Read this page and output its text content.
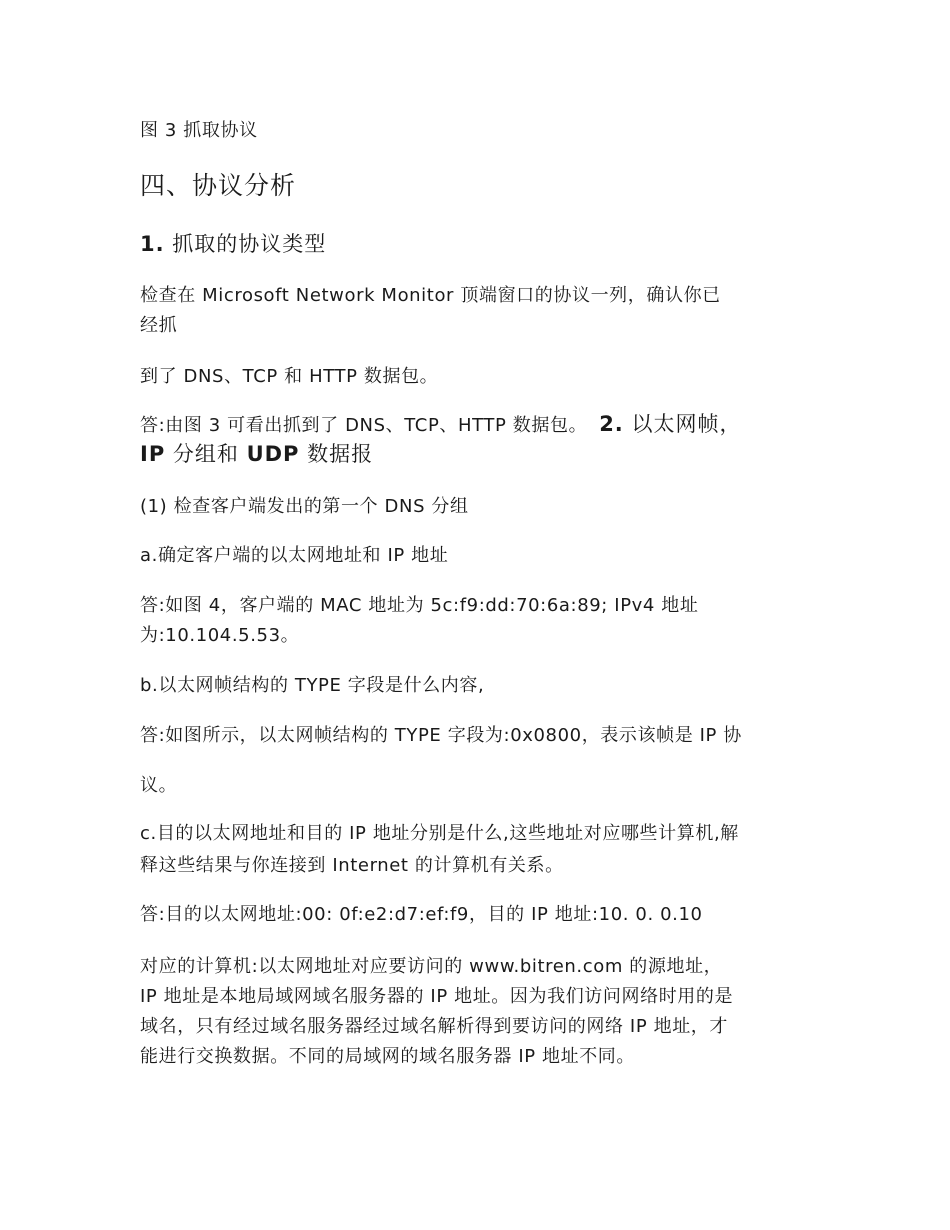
图 3 抓取协议
四、协议分析
1. 抓取的协议类型
检查在 Microsoft Network Monitor 顶端窗口的协议一列，确认你已
经抓
到了 DNS、TCP 和 HTTP 数据包。
答:由图 3 可看出抓到了 DNS、TCP、HTTP 数据包。 2. 以太网帧，
IP 分组和 UDP 数据报
(1) 检查客户端发出的第一个 DNS 分组
a.确定客户端的以太网地址和 IP 地址
答:如图 4，客户端的 MAC 地址为 5c:f9:dd:70:6a:89; IPv4 地址
为:10.104.5.53。
b.以太网帧结构的 TYPE 字段是什么内容,
答:如图所示，以太网帧结构的 TYPE 字段为:0x0800，表示该帧是 IP 协
议。
c.目的以太网地址和目的 IP 地址分别是什么,这些地址对应哪些计算机,解
释这些结果与你连接到 Internet 的计算机有关系。
答:目的以太网地址:00: 0f:e2:d7:ef:f9，目的 IP 地址:10. 0. 0.10
对应的计算机:以太网地址对应要访问的 www.bitren.com 的源地址，
IP 地址是本地局域网域名服务器的 IP 地址。因为我们访问网络时用的是
域名，只有经过域名服务器经过域名解析得到要访问的网络 IP 地址，才
能进行交换数据。不同的局域网的域名服务器 IP 地址不同。
